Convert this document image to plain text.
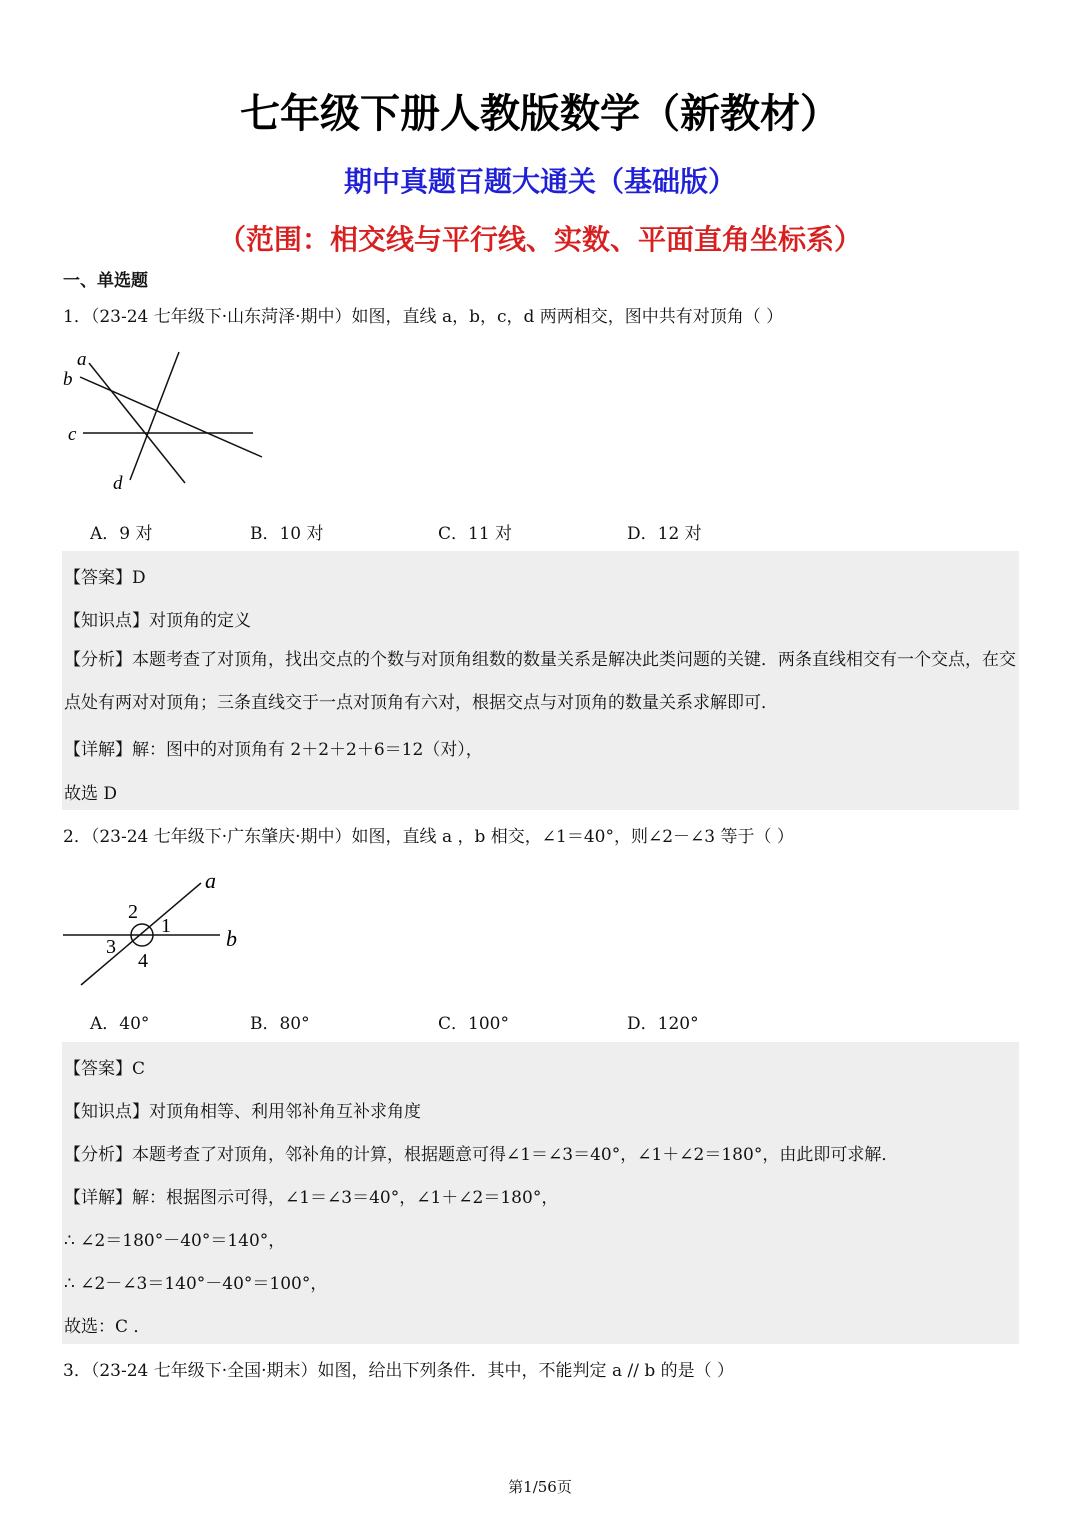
七年级下册人教版数学（新教材）
期中真题百题大通关（基础版）
（范围：相交线与平行线、实数、平面直角坐标系）
一、单选题
1．（23-24 七年级下·山东菏泽·期中）如图，直线 a，b，c，d 两两相交，图中共有对顶角（ ）
a
b
c
d
A．9 对	B．10 对	C．11 对	D．12 对
【答案】D
【知识点】对顶角的定义
【分析】本题考查了对顶角，找出交点的个数与对顶角组数的数量关系是解决此类问题的关键．两条直线相交有一个交点，在交点处有两对对顶角；三条直线交于一点对顶角有六对，根据交点与对顶角的数量关系求解即可．
【详解】解：图中的对顶角有 2＋2＋2＋6＝12（对），
故选 D
2．（23-24 七年级下·广东肇庆·期中）如图，直线 a ，b 相交，∠1＝40°，则∠2－∠3 等于（ ）
a
b
1
2
3
4
A．40°	B．80°	C．100°	D．120°
【答案】C
【知识点】对顶角相等、利用邻补角互补求角度
【分析】本题考查了对顶角，邻补角的计算，根据题意可得∠1＝∠3＝40°，∠1＋∠2＝180°，由此即可求解．
【详解】解：根据图示可得，∠1＝∠3＝40°，∠1＋∠2＝180°，
∴ ∠2＝180°－40°＝140°，
∴ ∠2－∠3＝140°－40°＝100°，
故选：C ．
3．（23-24 七年级下·全国·期末）如图，给出下列条件．其中，不能判定 a // b 的是（ ）
第1/56页
